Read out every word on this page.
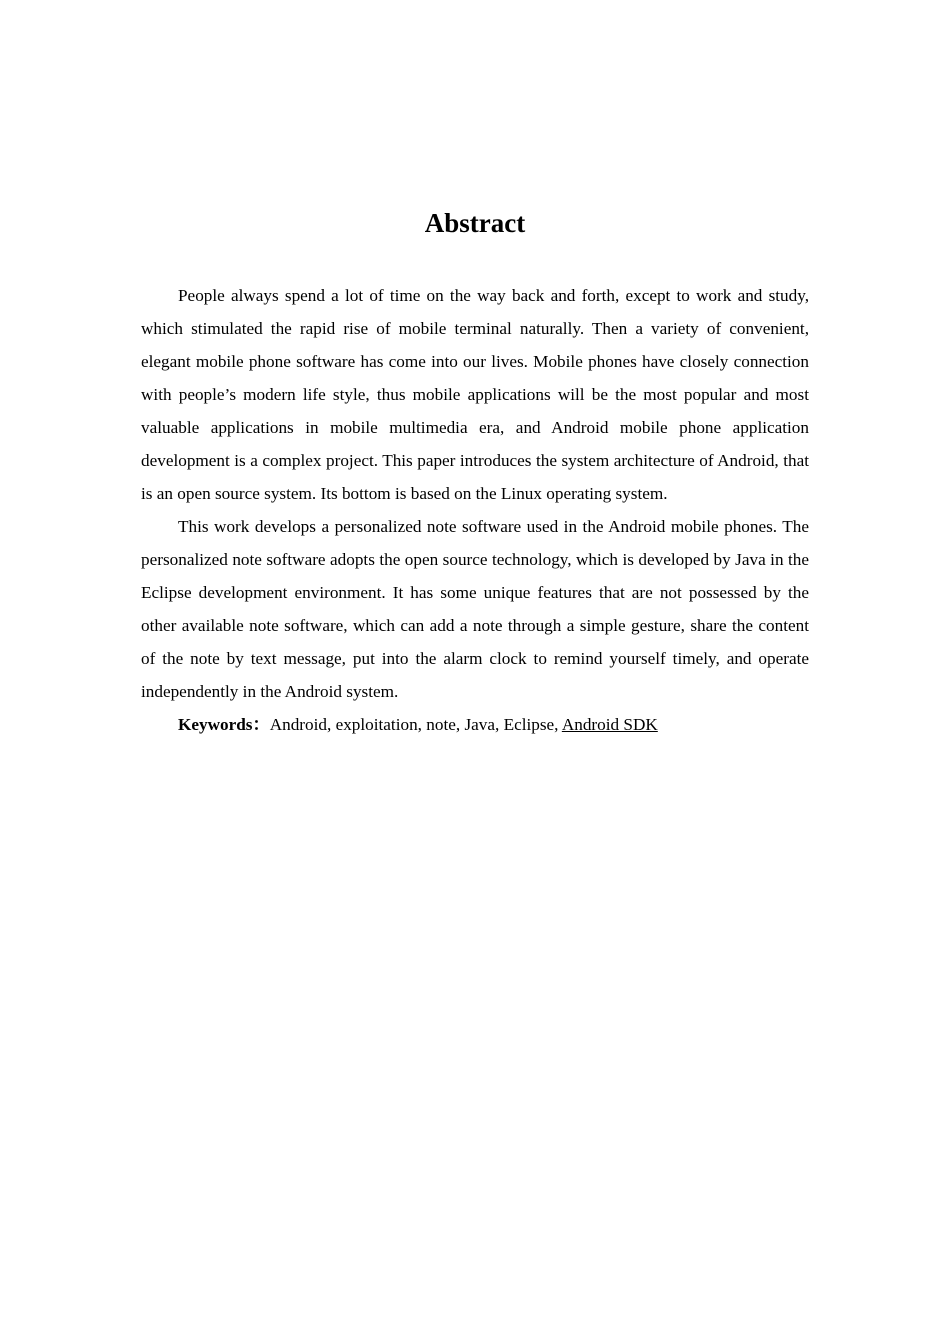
Abstract

People always spend a lot of time on the way back and forth, except to work and study, which stimulated the rapid rise of mobile terminal naturally. Then a variety of convenient, elegant mobile phone software has come into our lives. Mobile phones have closely connection with people’s modern life style, thus mobile applications will be the most popular and most valuable applications in mobile multimedia era, and Android mobile phone application development is a complex project. This paper introduces the system architecture of Android, that is an open source system. Its bottom is based on the Linux operating system.

This work develops a personalized note software used in the Android mobile phones. The personalized note software adopts the open source technology, which is developed by Java in the Eclipse development environment. It has some unique features that are not possessed by the other available note software, which can add a note through a simple gesture, share the content of the note by text message, put into the alarm clock to remind yourself timely, and operate independently in the Android system.

Keywords：Android, exploitation, note, Java, Eclipse, Android SDK
